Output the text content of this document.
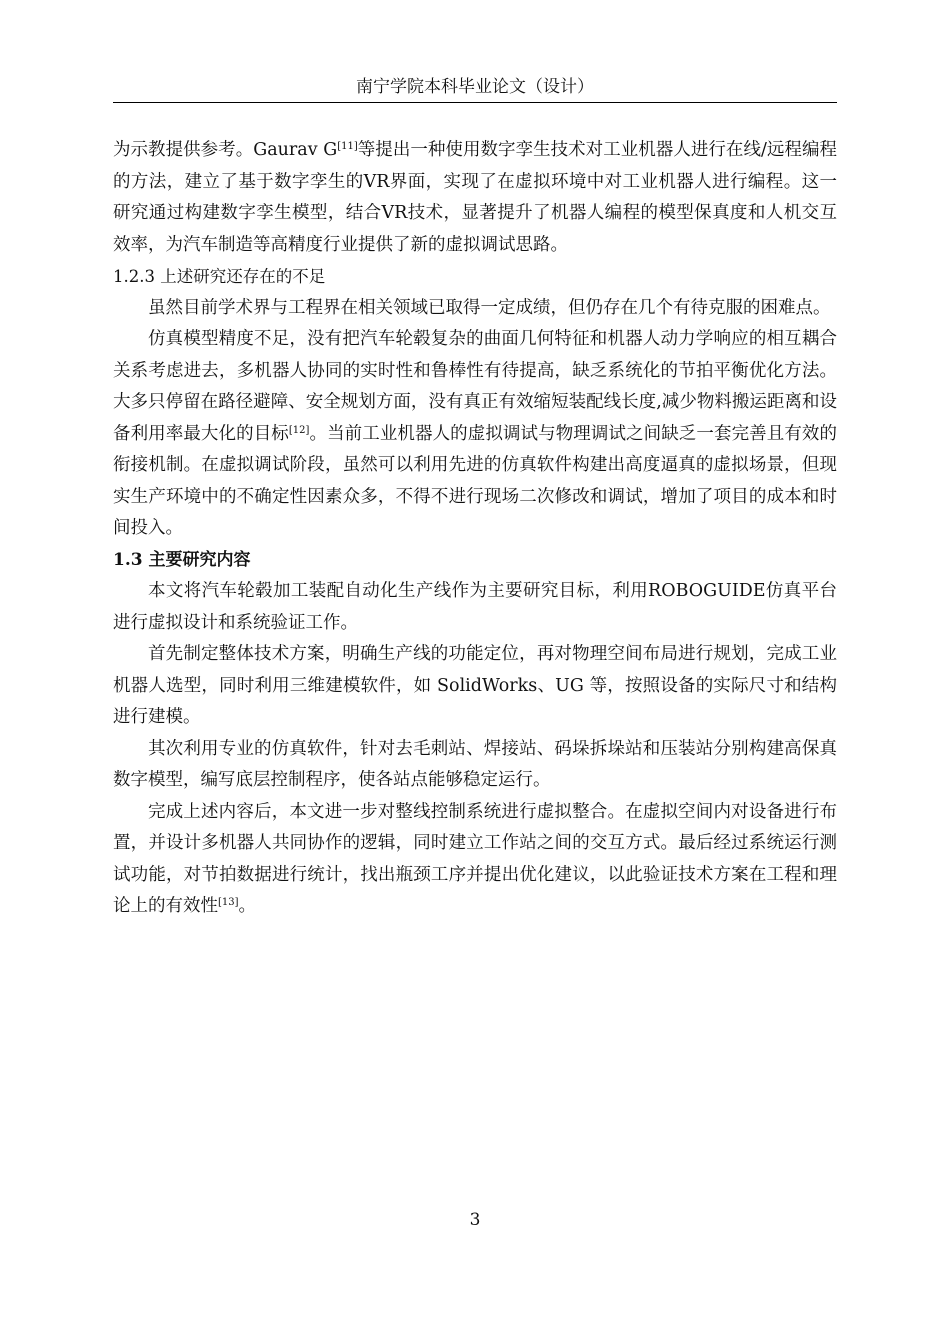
南宁学院本科毕业论文（设计）

为示教提供参考。Gaurav G[11]等提出一种使用数字孪生技术对工业机器人进行在线/远程编程的方法，建立了基于数字孪生的VR界面，实现了在虚拟环境中对工业机器人进行编程。这一研究通过构建数字孪生模型，结合VR技术，显著提升了机器人编程的模型保真度和人机交互效率，为汽车制造等高精度行业提供了新的虚拟调试思路。

1.2.3 上述研究还存在的不足

虽然目前学术界与工程界在相关领域已取得一定成绩，但仍存在几个有待克服的困难点。

仿真模型精度不足，没有把汽车轮毂复杂的曲面几何特征和机器人动力学响应的相互耦合关系考虑进去，多机器人协同的实时性和鲁棒性有待提高，缺乏系统化的节拍平衡优化方法。大多只停留在路径避障、安全规划方面，没有真正有效缩短装配线长度,减少物料搬运距离和设备利用率最大化的目标[12]。当前工业机器人的虚拟调试与物理调试之间缺乏一套完善且有效的衔接机制。在虚拟调试阶段，虽然可以利用先进的仿真软件构建出高度逼真的虚拟场景，但现实生产环境中的不确定性因素众多，不得不进行现场二次修改和调试，增加了项目的成本和时间投入。

1.3 主要研究内容

本文将汽车轮毂加工装配自动化生产线作为主要研究目标，利用ROBOGUIDE仿真平台进行虚拟设计和系统验证工作。

首先制定整体技术方案，明确生产线的功能定位，再对物理空间布局进行规划，完成工业机器人选型，同时利用三维建模软件，如 SolidWorks、UG 等，按照设备的实际尺寸和结构进行建模。

其次利用专业的仿真软件，针对去毛刺站、焊接站、码垛拆垛站和压装站分别构建高保真数字模型，编写底层控制程序，使各站点能够稳定运行。

完成上述内容后，本文进一步对整线控制系统进行虚拟整合。在虚拟空间内对设备进行布置，并设计多机器人共同协作的逻辑，同时建立工作站之间的交互方式。最后经过系统运行测试功能，对节拍数据进行统计，找出瓶颈工序并提出优化建议，以此验证技术方案在工程和理论上的有效性[13]。

3
